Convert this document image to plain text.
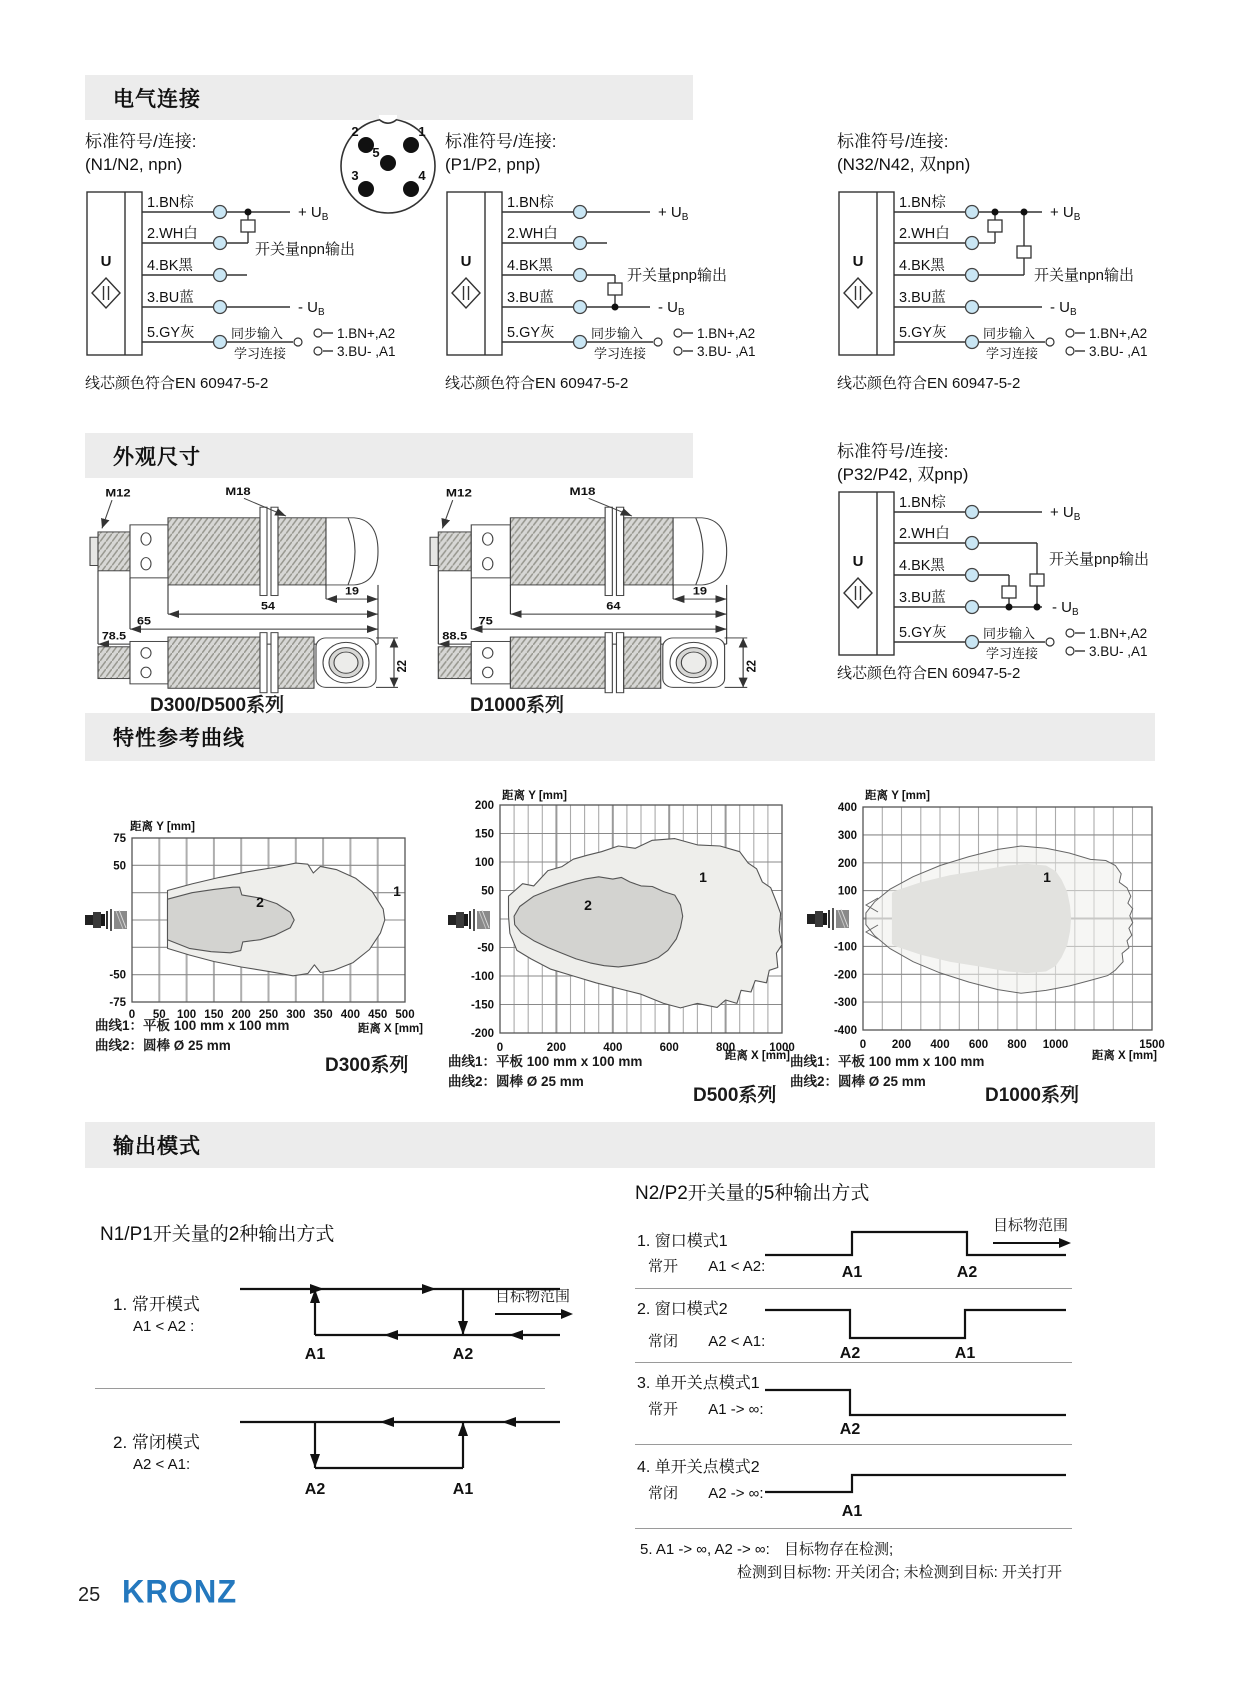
电气连接
外观尺寸
特性参考曲线
输出模式
标准符号/连接:
(N1/N2, npn)
标准符号/连接:
(P1/P2, pnp)
标准符号/连接:
(N32/N42, 双npn)
标准符号/连接:
(P32/P42, 双pnp)
1
2
3	4
5
U
1.BN棕
2.WH白
4.BK黑
3.BU蓝
5.GY灰
+ $U_B$
- $U_B$
开关量npn输出
同步输入
学习连接
1.BN+,A2
3.BU- ,A1
U
1.BN棕
2.WH白
4.BK黑
3.BU蓝
5.GY灰
+ $U_B$
- $U_B$
开关量pnp输出
同步输入
学习连接
1.BN+,A2
3.BU- ,A1
U
1.BN棕
2.WH白
4.BK黑
3.BU蓝
5.GY灰
+ $U_B$
- $U_B$
开关量npn输出
同步输入
学习连接
1.BN+,A2
3.BU- ,A1
U
1.BN棕
2.WH白
4.BK黑
3.BU蓝
5.GY灰
+ $U_B$
- $U_B$
开关量pnp输出
同步输入
学习连接
1.BN+,A2
3.BU- ,A1
线芯颜色符合EN 60947-5-2	线芯颜色符合EN 60947-5-2	线芯颜色符合EN 60947-5-2
线芯颜色符合EN 60947-5-2
M12	M18
19
54
65
78.5
22
D300/D500系列
M12	M18
19
64
75
88.5
22
D1000系列
1
2
距离 Y [mm]
距离 X [mm]
75
50
-50
-75
0 50 100 150 200 250 300 350 400 450 500
曲线1：平板 100 mm x 100 mm
曲线2：圆棒 Ø 25 mm
D300系列
1
2
距离 Y [mm]
距离 X [mm]
200
150
100
50
-50
-100
-150
-200
0	200	400	600	800	1000
曲线1：平板 100 mm x 100 mm
曲线2：圆棒 Ø 25 mm
D500系列
1
距离 Y [mm]
距离 X [mm]
400
300
200
100
-100
-200
-300
-400
0 200 400 600 800 1000	1500
曲线1：平板 100 mm x 100 mm
曲线2：圆棒 Ø 25 mm
D1000系列
N1/P1开关量的2种输出方式
1. 常开模式
A1 < A2 :
A1	A2
目标物范围
2. 常闭模式
A2 < A1:
A2	A1
N2/P2开关量的5种输出方式
目标物范围
1. 窗口模式1
常开 A1 < A2:	A1	A2
2. 窗口模式2
常闭 A2 < A1:
A2	A1
3. 单开关点模式1
常开 A1 -> ∞:
A2
4. 单开关点模式2
常闭 A2 -> ∞:
A1
5. A1 -> ∞, A2 -> ∞: 目标物存在检测;
检测到目标物: 开关闭合; 未检测到目标: 开关打开
25 KRONZ
